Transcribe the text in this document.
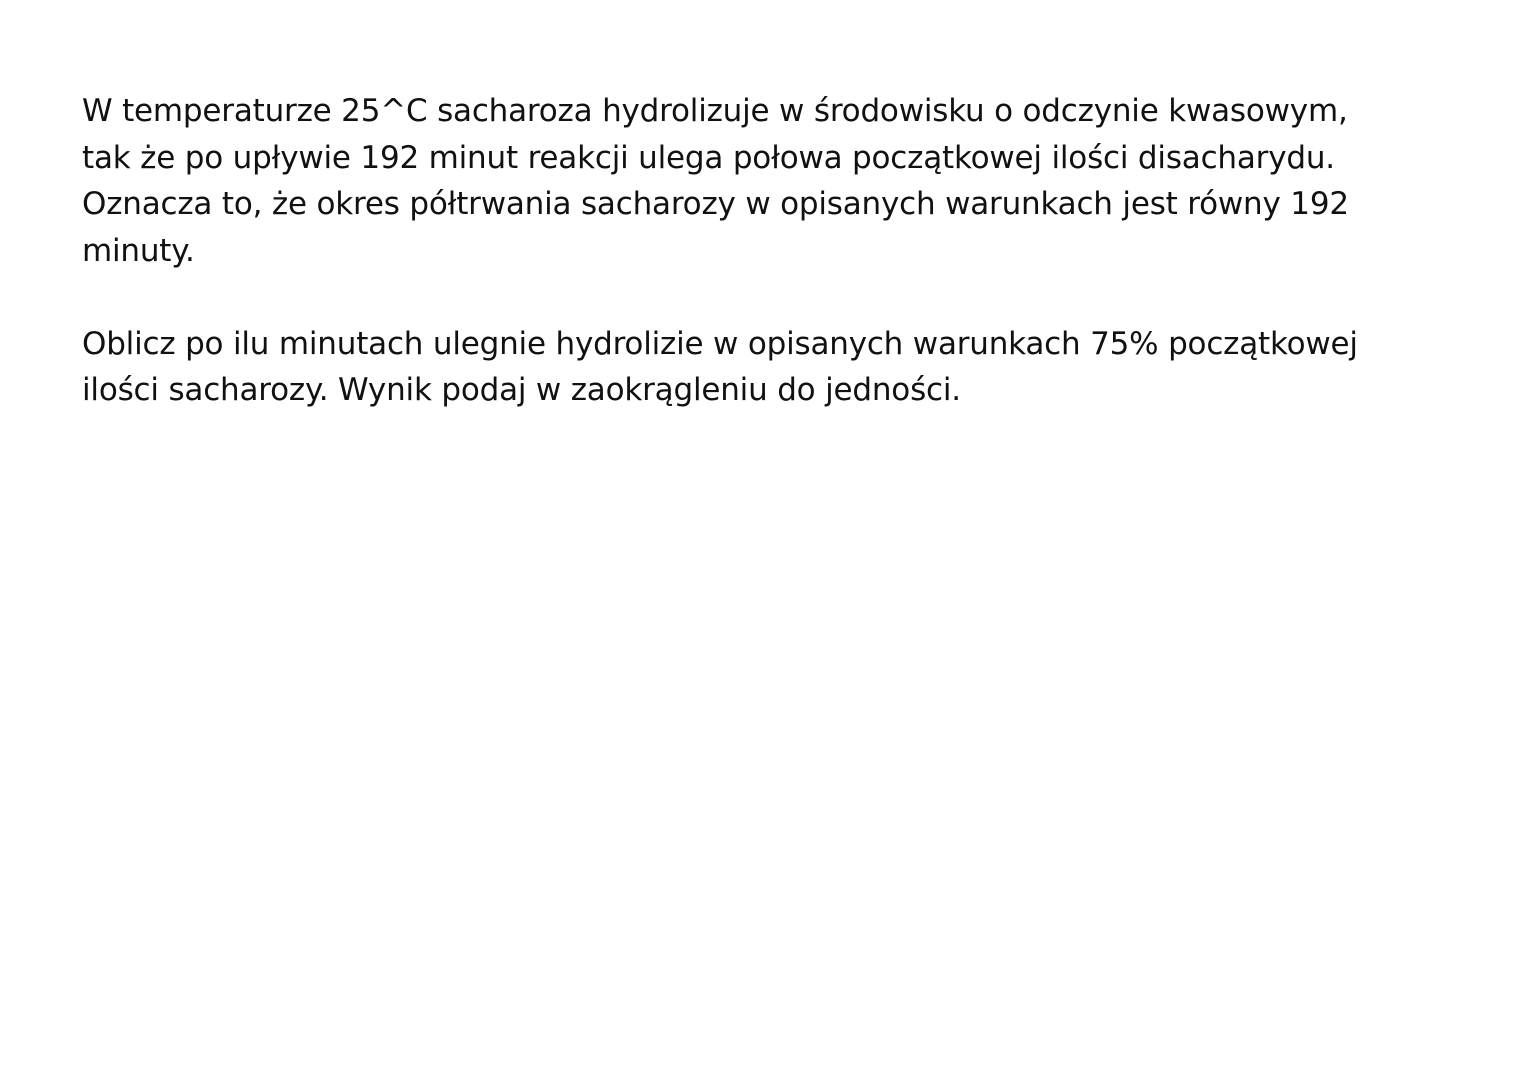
W temperaturze 25^C sacharoza hydrolizuje w środowisku o odczynie kwasowym,
tak że po upływie 192 minut reakcji ulega połowa początkowej ilości disacharydu.
Oznacza to, że okres półtrwania sacharozy w opisanych warunkach jest równy 192
minuty.

Oblicz po ilu minutach ulegnie hydrolizie w opisanych warunkach 75% początkowej
ilości sacharozy. Wynik podaj w zaokrągleniu do jedności.
